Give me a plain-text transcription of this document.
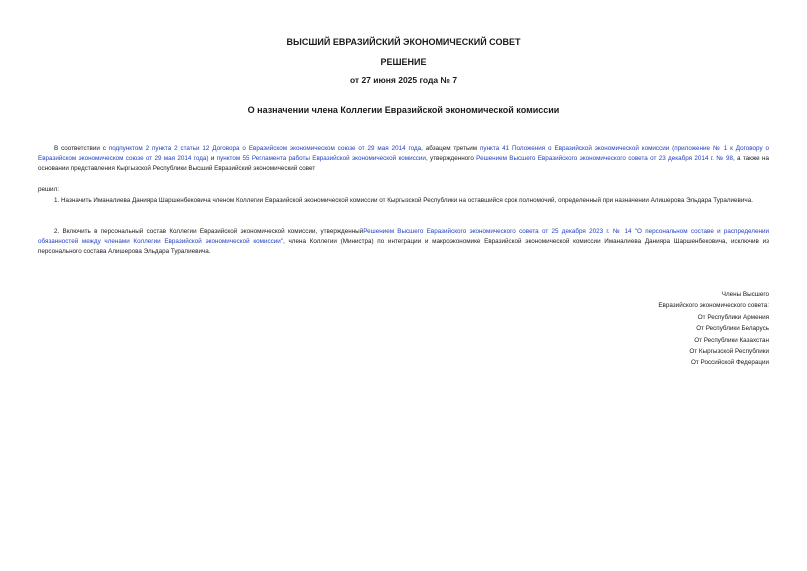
ВЫСШИЙ ЕВРАЗИЙСКИЙ ЭКОНОМИЧЕСКИЙ СОВЕТ
РЕШЕНИЕ
от 27 июня 2025 года № 7
О назначении члена Коллегии Евразийской экономической комиссии
В соответствии с подпунктом 2 пункта 2 статьи 12 Договора о Евразийском экономическом союзе от 29 мая 2014 года, абзацем третьим пункта 41 Положения о Евразийской экономической комиссии (приложение № 1 к Договору о Евразийском экономическом союзе от 29 мая 2014 года) и пунктом 55 Регламента работы Евразийской экономической комиссии, утвержденного Решением Высшего Евразийского экономического совета от 23 декабря 2014 г. № 98, а также на основании представления Кыргызской Республики Высший Евразийский экономический совет
решил:
1. Назначить Иманалиева Данияра Шаршенбековича членом Коллегии Евразийской экономической комиссии от Кыргызской Республики на оставшийся срок полномочий, определенный при назначении Алишерова Эльдара Туралиевича.
2. Включить в персональный состав Коллегии Евразийской экономической комиссии, утвержденныйРешением Высшего Евразийского экономического совета от 25 декабря 2023 г. № 14 "О персональном составе и распределении обязанностей между членами Коллегии Евразийской экономической комиссии", члена Коллегии (Министра) по интеграции и макроэкономике Евразийской экономической комиссии Иманалиева Данияра Шаршенбековича, исключив из персонального состава Алишерова Эльдара Туралиевича.
Члены Высшего
Евразийского экономического совета:
От Республики Армения
От Республики Беларусь
От Республики Казахстан
От Кыргызской Республики
От Российской Федерации
